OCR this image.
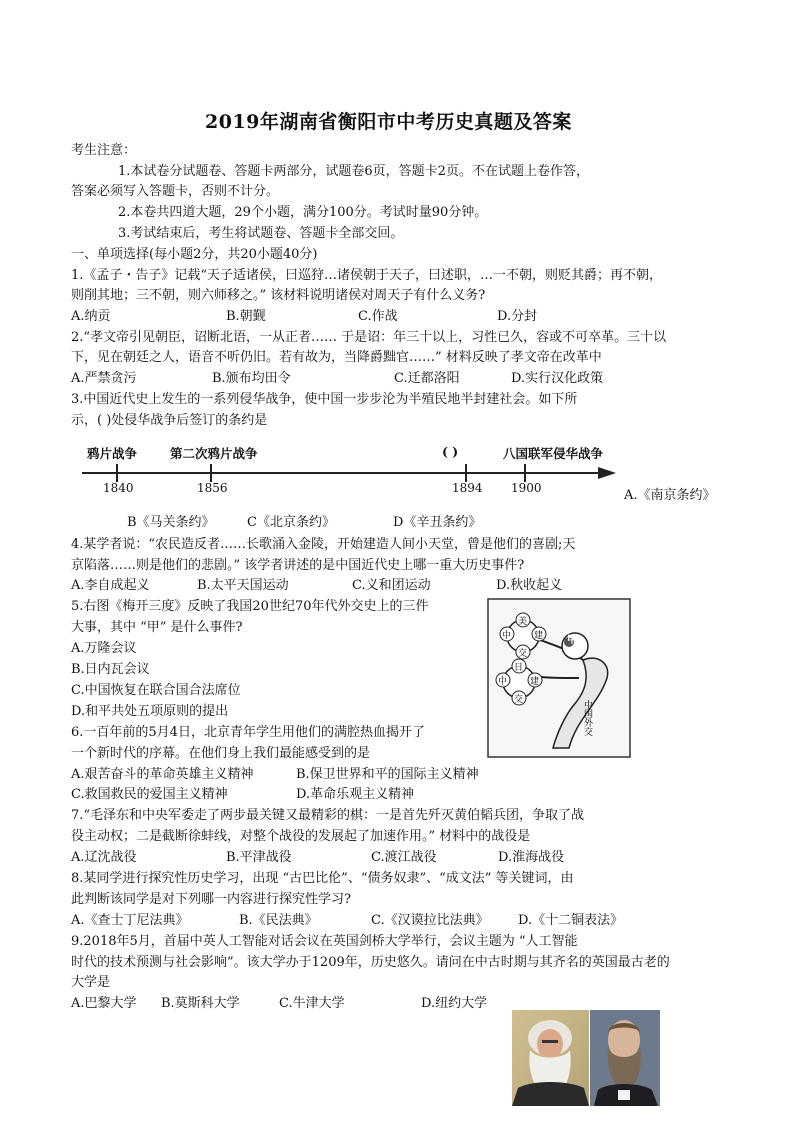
2019年湖南省衡阳市中考历史真题及答案
考生注意：
1.本试卷分试题卷、答题卡两部分，试题卷6页，答题卡2页。不在试题上卷作答，
答案必须写入答题卡，否则不计分。
2.本卷共四道大题，29个小题，满分100分。考试时量90分钟。
3.考试结束后，考生将试题卷、答题卡全部交回。
一、单项选择(每小题2分，共20小题40分)
1.《孟子・告子》记载“天子适诸侯，曰巡狩…诸侯朝于天子，曰述职，…一不朝，则贬其爵；再不朝，
则削其地；三不朝，则六师移之。” 该材料说明诸侯对周天子有什么义务?
A.纳贡	B.朝觐	C.作战	D.分封
2.“孝文帝引见朝臣，诏断北语，一从正者…… 于是诏：年三十以上，习性已久，容或不可卒革。三十以
下，见在朝廷之人，语音不听仍旧。若有故为，当降爵黜官……” 材料反映了孝文帝在改革中
A.严禁贪污	B.颁布均田令	C.迁都洛阳	D.实行汉化政策
3.中国近代史上发生的一系列侵华战争，使中国一步步沦为半殖民地半封建社会。如下所
示，( )处侵华战争后签订的条约是
鸦片战争	第二次鸦片战争	( )	八国联军侵华战争
1840	1856	1894 1900	A.《南京条约》
B《马关条约》 C《北京条约》	D《辛丑条约》
4.某学者说：“农民造反者……长歌涌入金陵，开始建造人间小天堂，曾是他们的喜剧;天
京陷落……则是他们的悲剧。” 该学者讲述的是中国近代史上哪一重大历史事件?
A.李自成起义	B.太平天国运动	C.义和团运动	D.秋收起义
5.右图《梅开三度》反映了我国20世纪70年代外交史上的三件
大事，其中 “甲” 是什么事件?
A.万隆会议
B.日内瓦会议
C.中国恢复在联合国合法席位
D.和平共处五项原则的提出
美
中	建
交
甲
日
中	建
交	中国外交
6.一百年前的5月4日，北京青年学生用他们的满腔热血揭开了
一个新时代的序幕。在他们身上我们最能感受到的是
A.艰苦奋斗的革命英雄主义精神	B.保卫世界和平的国际主义精神
C.救国救民的爱国主义精神	D.革命乐观主义精神
7.“毛泽东和中央军委走了两步最关键又最精彩的棋：一是首先歼灭黄伯韬兵团，争取了战
役主动权；二是截断徐蚌线，对整个战役的发展起了加速作用。” 材料中的战役是
A.辽沈战役	B.平津战役	C.渡江战役	D.淮海战役
8.某同学进行探究性历史学习，出现 “古巴比伦”、“债务奴隶”、“成文法” 等关键词，由
此判断该同学是对下列哪一内容进行探究性学习?
A.《查士丁尼法典》	B.《民法典》	C.《汉谟拉比法典》 D.《十二铜表法》
9.2018年5月，首届中英人工智能对话会议在英国剑桥大学举行，会议主题为 “人工智能
时代的技术预测与社会影响”。该大学办于1209年，历史悠久。请问在中古时期与其齐名的英国最古老的
大学是
A.巴黎大学 B.莫斯科大学	C.牛津大学	D.纽约大学
